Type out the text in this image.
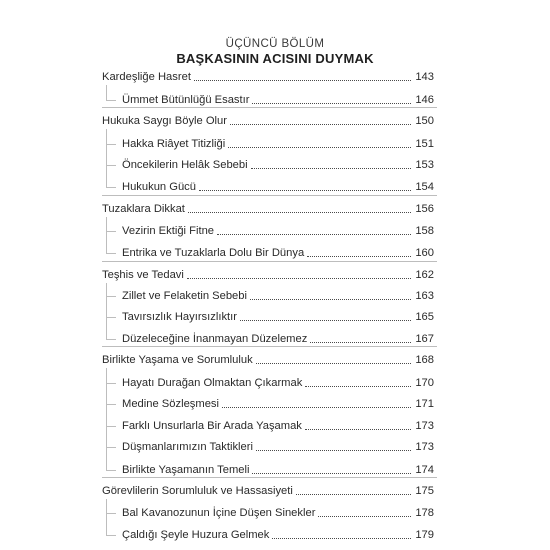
ÜÇÜNCÜ BÖLÜM
BAŞKASININ ACISINI DUYMAK
Kardeşliğe Hasret	143
Ümmet Bütünlüğü Esastır	146
Hukuka Saygı Böyle Olur	150
Hakka Riâyet Titizliği	151
Öncekilerin Helâk Sebebi	153
Hukukun Gücü	154
Tuzaklara Dikkat	156
Vezirin Ektiği Fitne	158
Entrika ve Tuzaklarla Dolu Bir Dünya	160
Teşhis ve Tedavi	162
Zillet ve Felaketin Sebebi	163
Tavırsızlık Hayırsızlıktır	165
Düzeleceğine İnanmayan Düzelemez	167
Birlikte Yaşama ve Sorumluluk	168
Hayatı Durağan Olmaktan Çıkarmak	170
Medine Sözleşmesi	171
Farklı Unsurlarla Bir Arada Yaşamak	173
Düşmanlarımızın Taktikleri	173
Birlikte Yaşamanın Temeli	174
Görevlilerin Sorumluluk ve Hassasiyeti	175
Bal Kavanozunun İçine Düşen Sinekler	178
Çaldığı Şeyle Huzura Gelmek	179
